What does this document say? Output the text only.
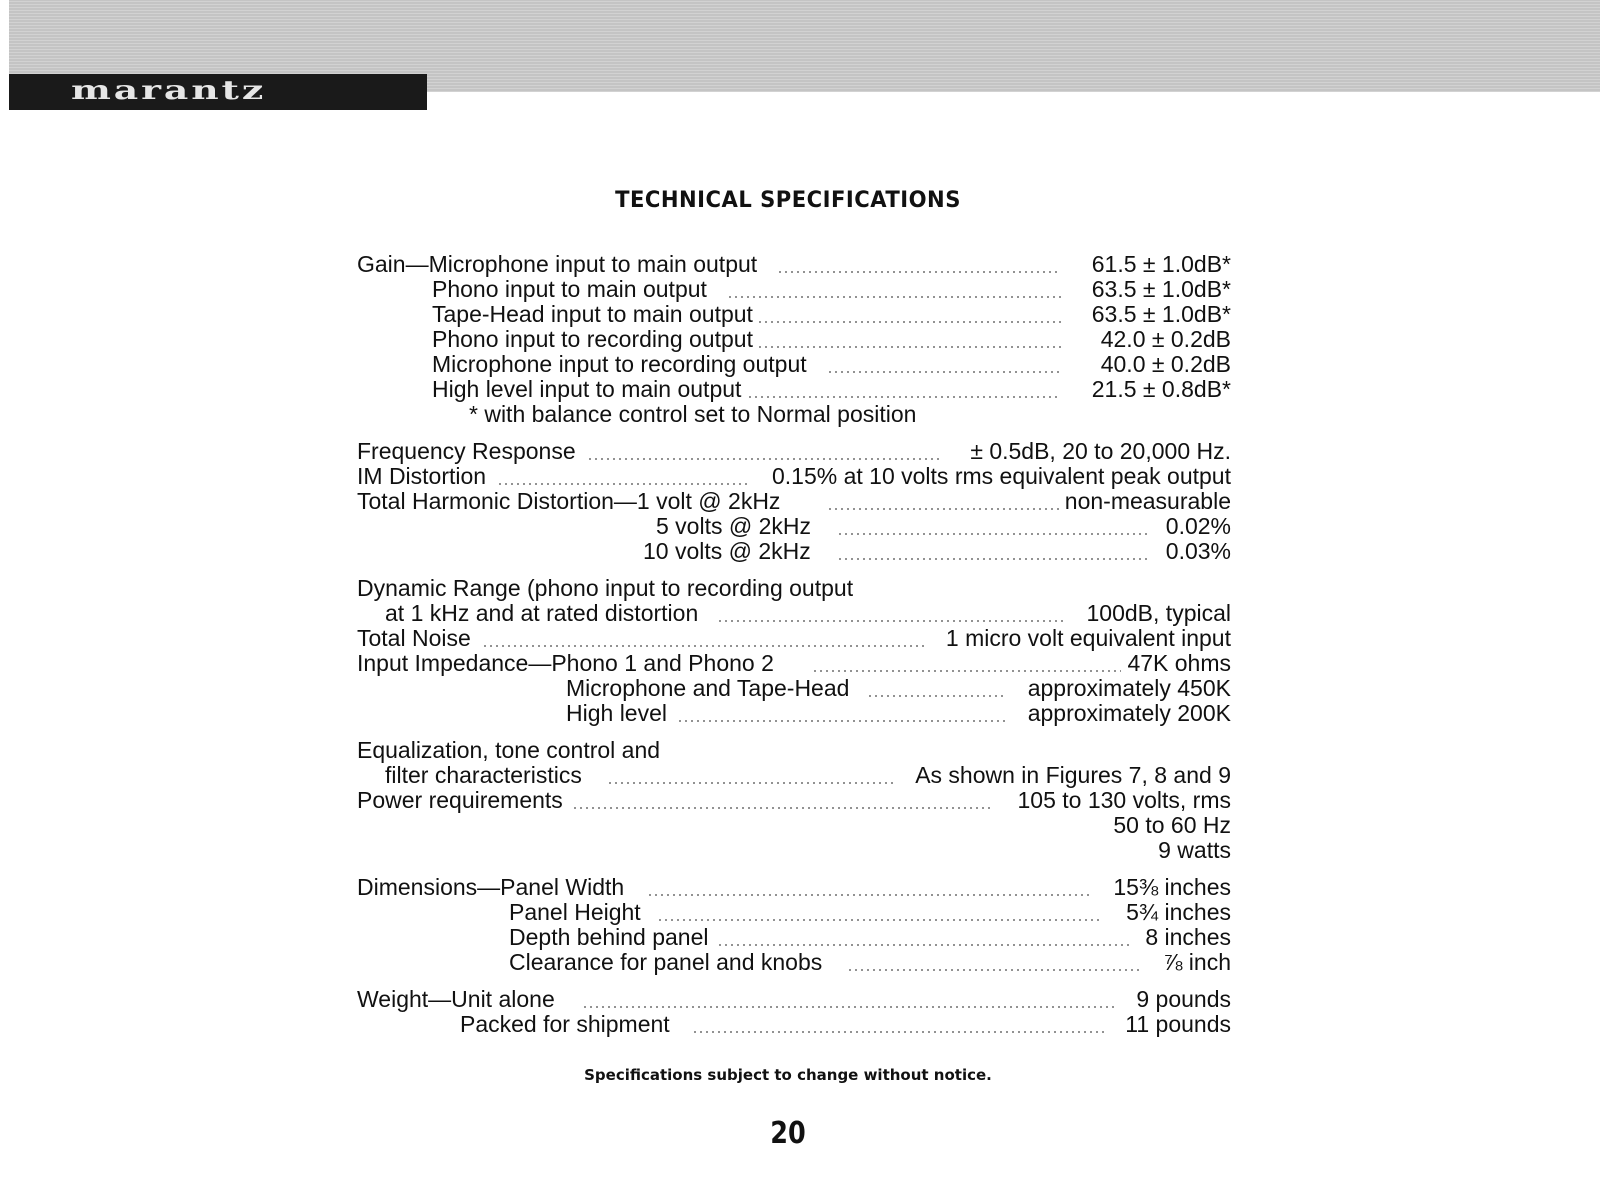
marantz
TECHNICAL SPECIFICATIONS
Gain—Microphone input to main output	61.5 ± 1.0dB*
Phono input to main output	63.5 ± 1.0dB*
Tape-Head input to main output	63.5 ± 1.0dB*
Phono input to recording output	42.0 ± 0.2dB
Microphone input to recording output	40.0 ± 0.2dB
High level input to main output	21.5 ± 0.8dB*
* with balance control set to Normal position
Frequency Response	± 0.5dB, 20 to 20,000 Hz.
IM Distortion	0.15% at 10 volts rms equivalent peak output
Total Harmonic Distortion—1 volt @ 2kHz	non-measurable
5 volts @ 2kHz	0.02%
10 volts @ 2kHz	0.03%
Dynamic Range (phono input to recording output
at 1 kHz and at rated distortion	100dB, typical
Total Noise	1 micro volt equivalent input
Input Impedance—Phono 1 and Phono 2	47K ohms
Microphone and Tape-Head	approximately 450K
High level	approximately 200K
Equalization, tone control and
filter characteristics	As shown in Figures 7, 8 and 9
Power requirements	105 to 130 volts, rms
50 to 60 Hz
9 watts
Dimensions—Panel Width	15⅜ inches
Panel Height	5¾ inches
Depth behind panel	8 inches
Clearance for panel and knobs	⅞ inch
Weight—Unit alone	9 pounds
Packed for shipment	11 pounds
Specifications subject to change without notice.
20
